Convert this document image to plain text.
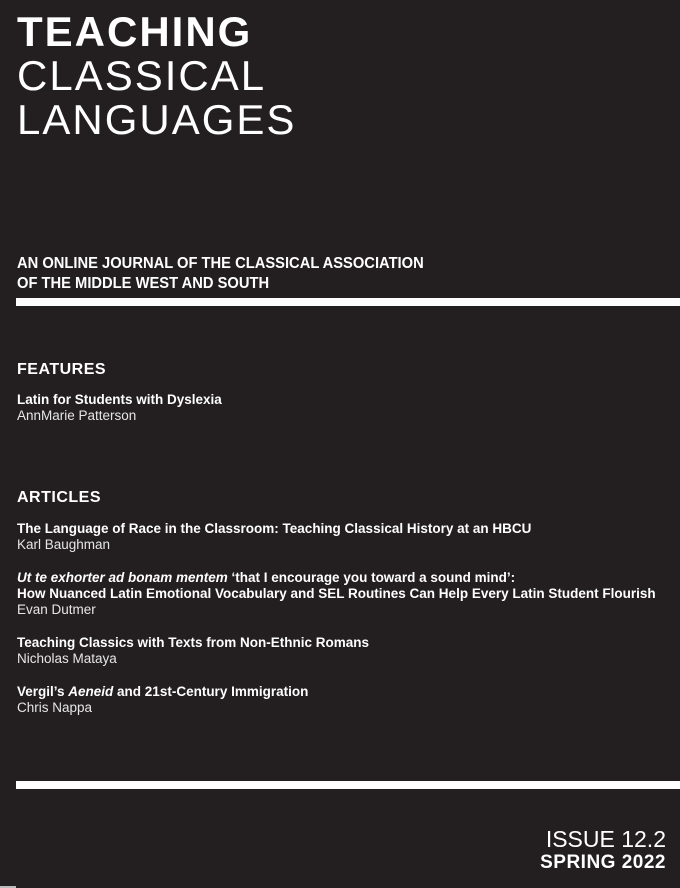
TEACHING
CLASSICAL
LANGUAGES
AN ONLINE JOURNAL OF THE CLASSICAL ASSOCIATION
OF THE MIDDLE WEST AND SOUTH
FEATURES
Latin for Students with Dyslexia
AnnMarie Patterson
ARTICLES
The Language of Race in the Classroom: Teaching Classical History at an HBCU
Karl Baughman
Ut te exhorter ad bonam mentem ‘that I encourage you toward a sound mind’:
How Nuanced Latin Emotional Vocabulary and SEL Routines Can Help Every Latin Student Flourish
Evan Dutmer
Teaching Classics with Texts from Non-Ethnic Romans
Nicholas Mataya
Vergil’s Aeneid and 21st-Century Immigration
Chris Nappa
ISSUE 12.2
SPRING 2022
